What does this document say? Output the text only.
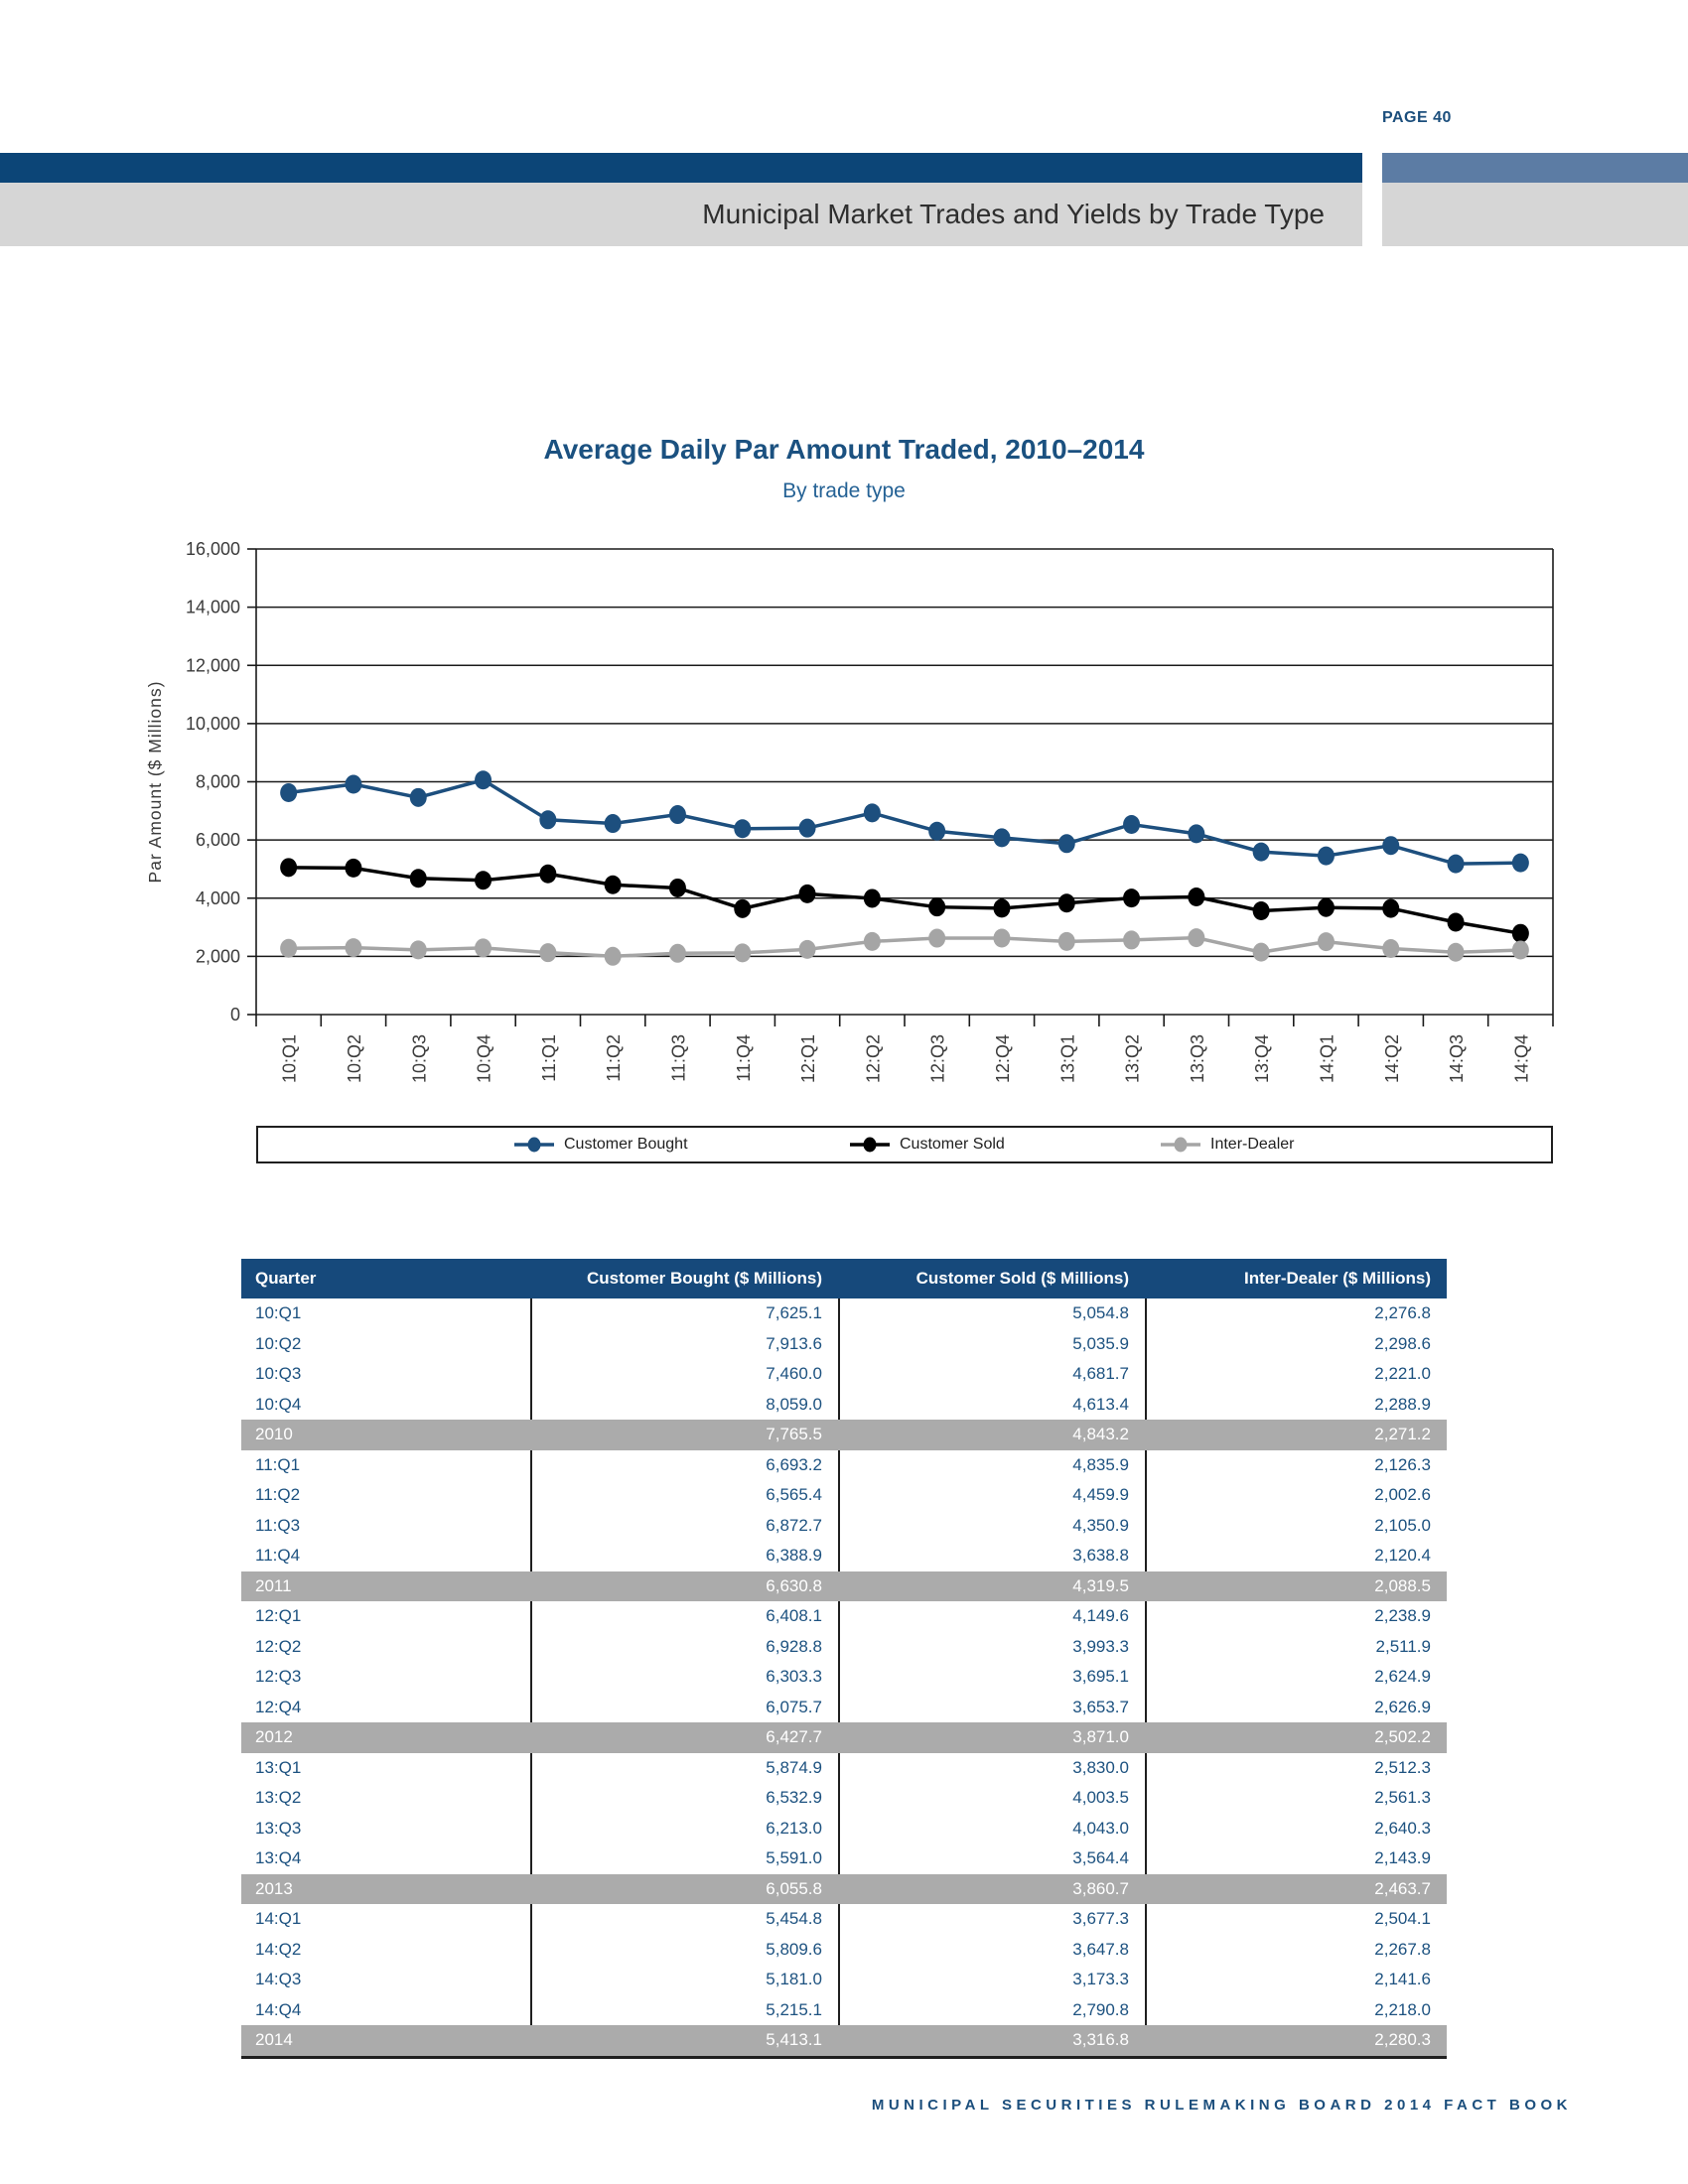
PAGE 40
Municipal Market Trades and Yields by Trade Type
Average Daily Par Amount Traded, 2010–2014
By trade type
0
2,000
4,000
6,000
8,000
10,000
12,000
14,000
16,000
10:Q1	10:Q2	10:Q3	10:Q4	11:Q1	11:Q2	11:Q3	11:Q4	12:Q1	12:Q2	12:Q3	12:Q4	13:Q1	13:Q2	13:Q3	13:Q4	14:Q1	14:Q2	14:Q3	14:Q4
Par Amount ($ Millions)
Customer Bought	Customer Sold	Inter-Dealer
Quarter	Customer Bought ($ Millions)	Customer Sold ($ Millions)	Inter-Dealer ($ Millions)
10:Q1	7,625.1	5,054.8	2,276.8
10:Q2	7,913.6	5,035.9	2,298.6
10:Q3	7,460.0	4,681.7	2,221.0
10:Q4	8,059.0	4,613.4	2,288.9
2010	7,765.5	4,843.2	2,271.2
11:Q1	6,693.2	4,835.9	2,126.3
11:Q2	6,565.4	4,459.9	2,002.6
11:Q3	6,872.7	4,350.9	2,105.0
11:Q4	6,388.9	3,638.8	2,120.4
2011	6,630.8	4,319.5	2,088.5
12:Q1	6,408.1	4,149.6	2,238.9
12:Q2	6,928.8	3,993.3	2,511.9
12:Q3	6,303.3	3,695.1	2,624.9
12:Q4	6,075.7	3,653.7	2,626.9
2012	6,427.7	3,871.0	2,502.2
13:Q1	5,874.9	3,830.0	2,512.3
13:Q2	6,532.9	4,003.5	2,561.3
13:Q3	6,213.0	4,043.0	2,640.3
13:Q4	5,591.0	3,564.4	2,143.9
2013	6,055.8	3,860.7	2,463.7
14:Q1	5,454.8	3,677.3	2,504.1
14:Q2	5,809.6	3,647.8	2,267.8
14:Q3	5,181.0	3,173.3	2,141.6
14:Q4	5,215.1	2,790.8	2,218.0
2014	5,413.1	3,316.8	2,280.3
MUNICIPAL SECURITIES RULEMAKING BOARD 2014 FACT BOOK
